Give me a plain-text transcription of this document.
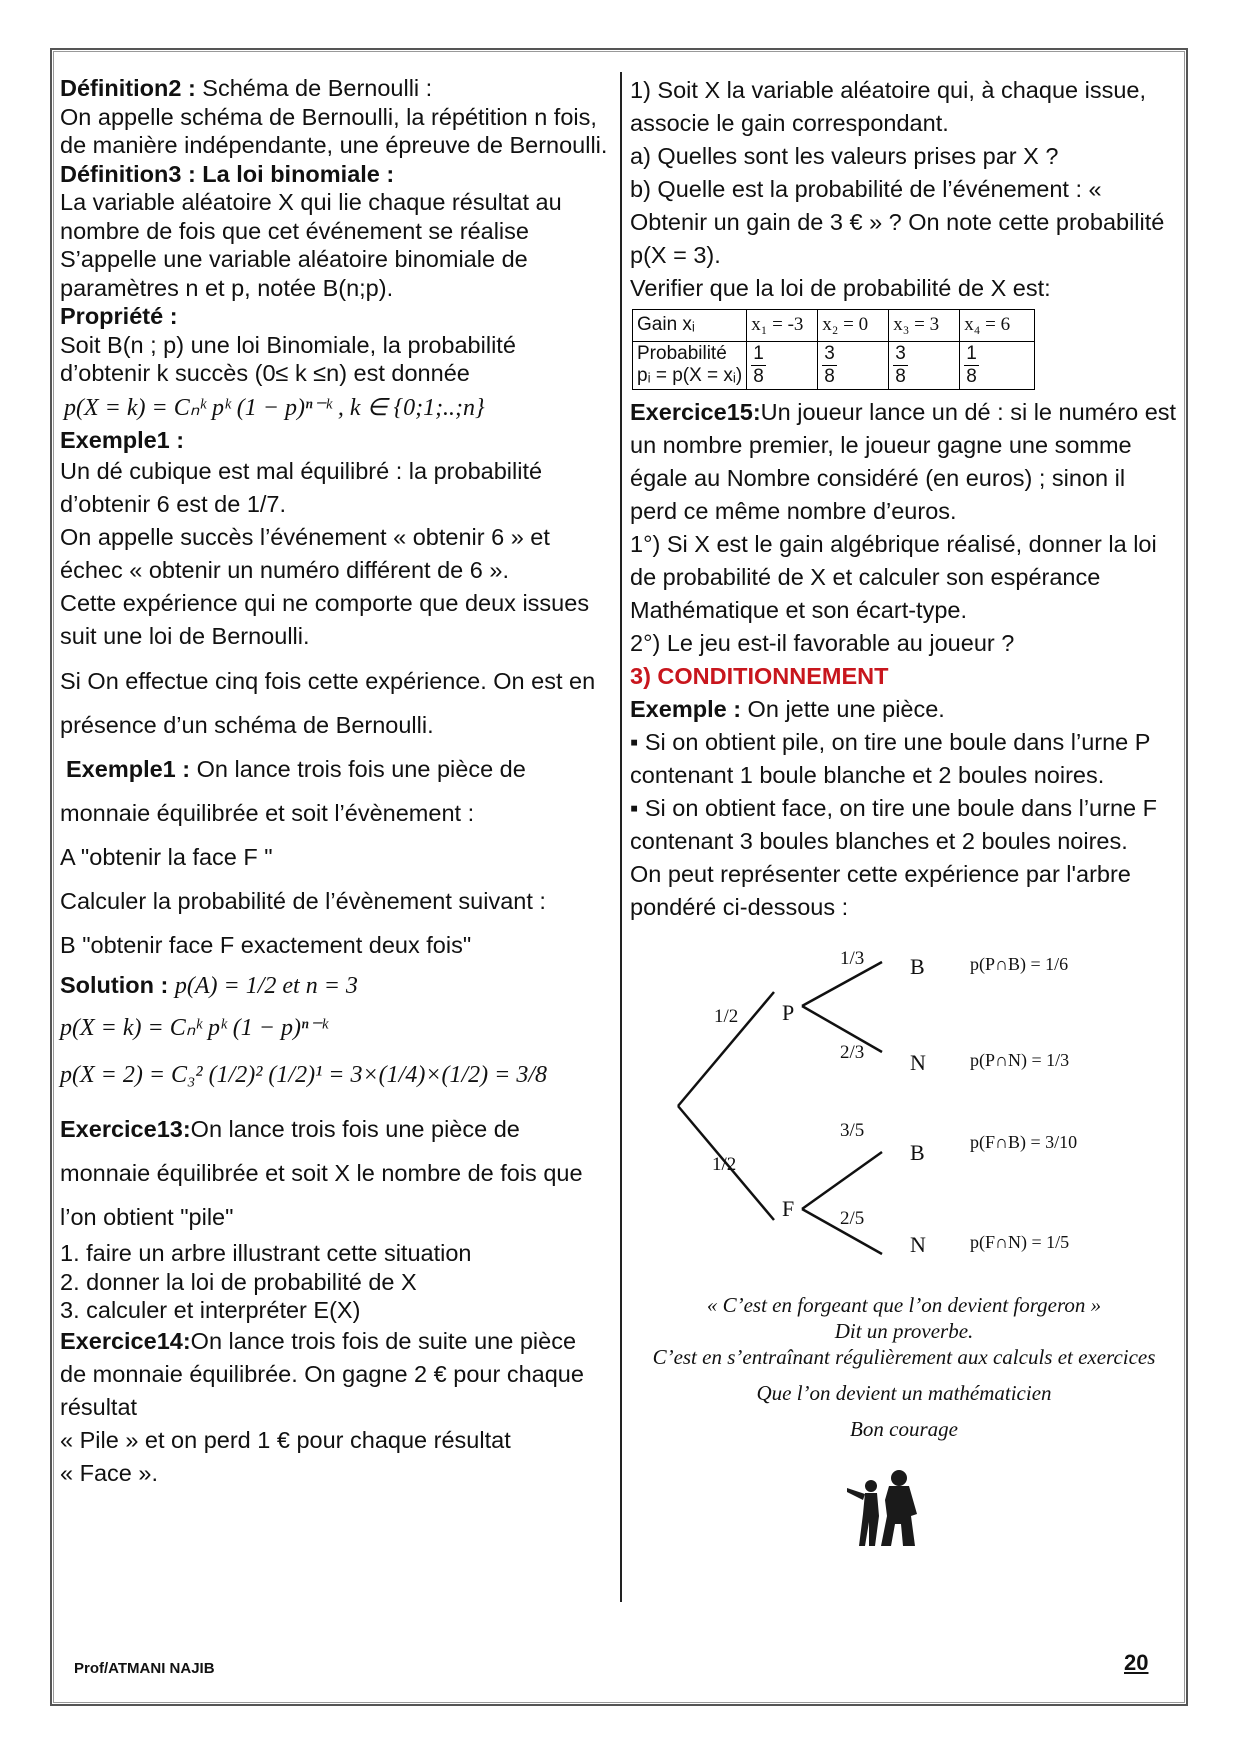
Définition2 : Schéma de Bernoulli :

On appelle schéma de Bernoulli, la répétition n fois, de manière indépendante, une épreuve de Bernoulli.

Définition3 : La loi binomiale :

La variable aléatoire X qui lie chaque résultat au nombre de fois que cet événement se réalise S’appelle une variable aléatoire binomiale de paramètres n et p, notée B(n;p).

Propriété :

Soit B(n ; p) une loi Binomiale, la probabilité d’obtenir k succès (0≤ k ≤n) est donnée

p(X = k) = Cₙᵏ pᵏ (1 − p)ⁿ⁻ᵏ , k ∈ {0;1;..;n}

Exemple1 :

Un dé cubique est mal équilibré : la probabilité d’obtenir 6 est de 1/7.

On appelle succès l’événement « obtenir 6 » et échec « obtenir un numéro différent de 6 ».

Cette expérience qui ne comporte que deux issues suit une loi de Bernoulli.

Si On effectue cinq fois cette expérience. On est en présence d’un schéma de Bernoulli.

Exemple1 : On lance trois fois une pièce de monnaie équilibrée et soit l’évènement :

A "obtenir la face F "

Calculer la probabilité de l’évènement suivant :

B "obtenir face F exactement deux fois"

Solution : p(A) = 1/2 et n = 3

p(X = k) = Cₙᵏ pᵏ (1 − p)ⁿ⁻ᵏ

p(X = 2) = C₃² (1/2)² (1/2)¹ = 3×(1/4)×(1/2) = 3/8

Exercice13:On lance trois fois une pièce de monnaie équilibrée et soit X le nombre de fois que l’on obtient "pile"

1. faire un arbre illustrant cette situation

2. donner la loi de probabilité de X

3. calculer et interpréter E(X)

Exercice14:On lance trois fois de suite une pièce de monnaie équilibrée. On gagne 2 € pour chaque résultat

« Pile » et on perd 1 € pour chaque résultat

« Face ».

1) Soit X la variable aléatoire qui, à chaque issue, associe le gain correspondant.

a) Quelles sont les valeurs prises par X ?

b) Quelle est la probabilité de l’événement : « Obtenir un gain de 3 € » ? On note cette probabilité p(X = 3).

Verifier que la loi de probabilité de X est:

Gain xᵢ	x₁ = -3	x₂ = 0	x₃ = 3	x₄ = 6
Probabilité
pᵢ = p(X = xᵢ)	$\frac{1}{8}$	$\frac{3}{8}$	$\frac{3}{8}$	$\frac{1}{8}$

Exercice15:Un joueur lance un dé : si le numéro est un nombre premier, le joueur gagne une somme égale au Nombre considéré (en euros) ; sinon il perd ce même nombre d’euros.

1°) Si X est le gain algébrique réalisé, donner la loi de probabilité de X et calculer son espérance Mathématique et son écart-type.

2°) Le jeu est-il favorable au joueur ?

3) CONDITIONNEMENT

Exemple : On jette une pièce.

▪ Si on obtient pile, on tire une boule dans l’urne P contenant 1 boule blanche et 2 boules noires.

▪ Si on obtient face, on tire une boule dans l’urne F contenant 3 boules blanches et 2 boules noires.

On peut représenter cette expérience par l'arbre pondéré ci-dessous :

1/2
1/2
1/3
2/3
3/5
2/5
P
F
B
N
B
N
p(P∩B) = 1/6
p(P∩N) = 1/3
p(F∩B) = 3/10
p(F∩N) = 1/5

« C’est en forgeant que l’on devient forgeron »

Dit un proverbe.

C’est en s’entraînant régulièrement aux calculs et exercices

Que l’on devient un mathématicien

Bon courage

Prof/ATMANI NAJIB	20
